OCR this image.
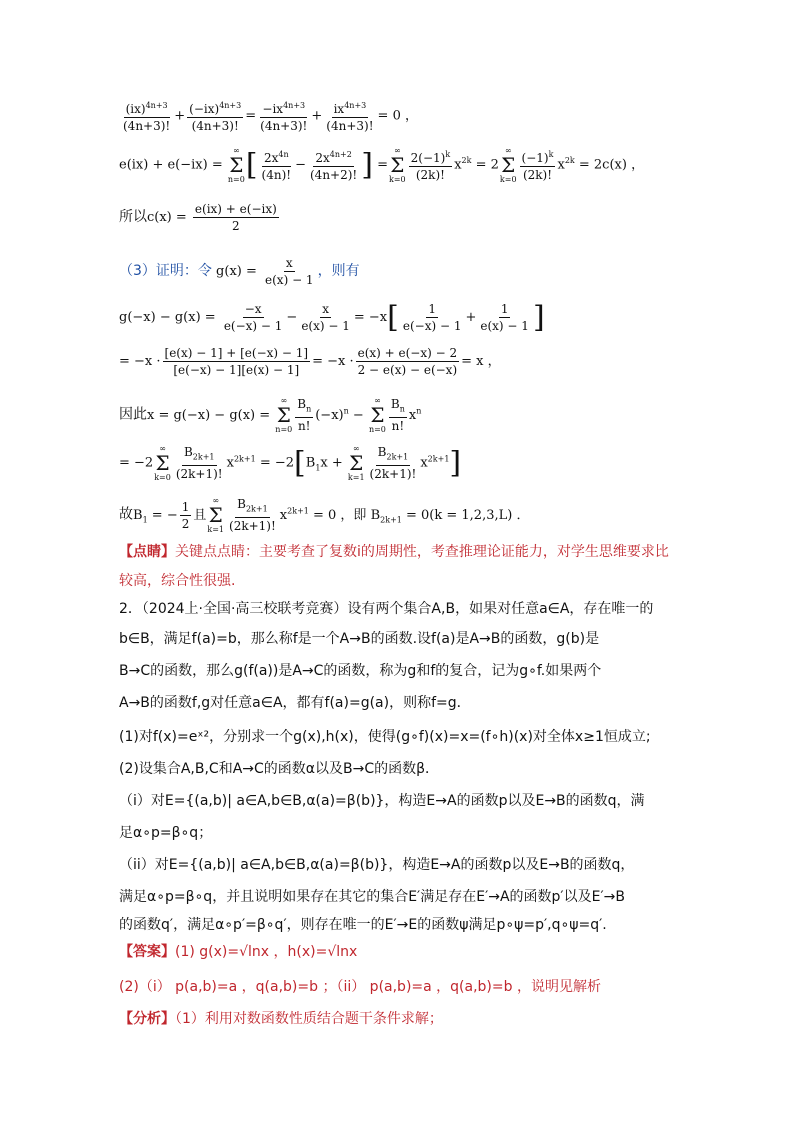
$\frac{(ix)^{4n+3}}{(4n+3)!} + \frac{(-ix)^{4n+3}}{(4n+3)!} = \frac{-ix^{4n+3}}{(4n+3)!} + \frac{ix^{4n+3}}{(4n+3)!} = 0$ ，
e(ix) + e(−ix) =
∞
Σ
n=0 [ $\frac{2x^{4n}}{(4n)!} - \frac{2x^{4n+2}}{(4n+2)!}$ ] =
∞
Σ
$k=0 \frac{2(-1)^k}{(2k)!} x^{2k} = 2$
∞
Σ
$k=0 \frac{(-1)^k}{(2k)!} x^{2k} = 2c(x)$ ，
所以$c(x) = \frac{e(ix) + e(-ix)}{2}$
（3）证明：令 $g(x) = \frac{x}{e(x) - 1}$ ，则有
$g(-x) - g(x) = \frac{-x}{e(-x) - 1} - \frac{x}{e(x) - 1} = -x[ \frac{1}{e(-x) - 1} + \frac{1}{e(x) - 1}$ ]
= $-x \cdot \frac{[e(x) - 1] + [e(-x) - 1]}{[e(-x) - 1][e(x) - 1]} = -x \cdot \frac{e(x) + e(-x) - 2}{2 - e(x) - e(-x)} = x$ ，
因此x = g(−x) − g(x) =
∞
Σ
$n=0 \frac{B_n}{n!} (-x)^n$ −
∞
Σ
$n=0 \frac{B_n}{n!} x^n$
= −2
∞
Σ
$k=0 \frac{B_{2k+1}}{(2k+1)!} x^{2k+1} = -2[B_1x$ +
∞
Σ
$k=1 \frac{B_{2k+1}}{(2k+1)!} x^{2k+1}$]
故$B_1$ = − $\frac{1}{2}$ 且
∞
Σ
$k=1 \frac{B_{2k+1}}{(2k+1)!} x^{2k+1} = 0$ ，即 $B_{2k+1} = 0(k = 1,2,3,L)$ ．
【点睛】关键点点睛：主要考查了复数i的周期性，考查推理论证能力，对学生思维要求比
较高，综合性很强.
2．（2024上·全国·高三校联考竞赛）设有两个集合A,B，如果对任意a∈A，存在唯一的
b∈B，满足f(a)=b，那么称f是一个A→B的函数.设f(a)是A→B的函数，g(b)是
B→C的函数，那么g(f(a))是A→C的函数，称为g和f的复合，记为g∘f.如果两个
A→B的函数f,g对任意a∈A，都有f(a)=g(a)，则称f=g．
(1)对f(x)=eˣ²，分别求一个g(x),h(x)，使得(g∘f)(x)=x=(f∘h)(x)对全体x≥1恒成立;
(2)设集合A,B,C和A→C的函数α以及B→C的函数β．
（i）对E={(a,b)| a∈A,b∈B,α(a)=β(b)}，构造E→A的函数p以及E→B的函数q，满
足α∘p=β∘q；
（ii）对E={(a,b)| a∈A,b∈B,α(a)=β(b)}，构造E→A的函数p以及E→B的函数q，
满足α∘p=β∘q，并且说明如果存在其它的集合E′满足存在E′→A的函数p′以及E′→B
的函数q′，满足α∘p′=β∘q′，则存在唯一的E′→E的函数ψ满足p∘ψ=p′,q∘ψ=q′.
【答案】(1) g(x)=√lnx ，h(x)=√lnx
(2)（i） p(a,b)=a ，q(a,b)=b ；（ii） p(a,b)=a ，q(a,b)=b ，说明见解析
【分析】（1）利用对数函数性质结合题干条件求解；
